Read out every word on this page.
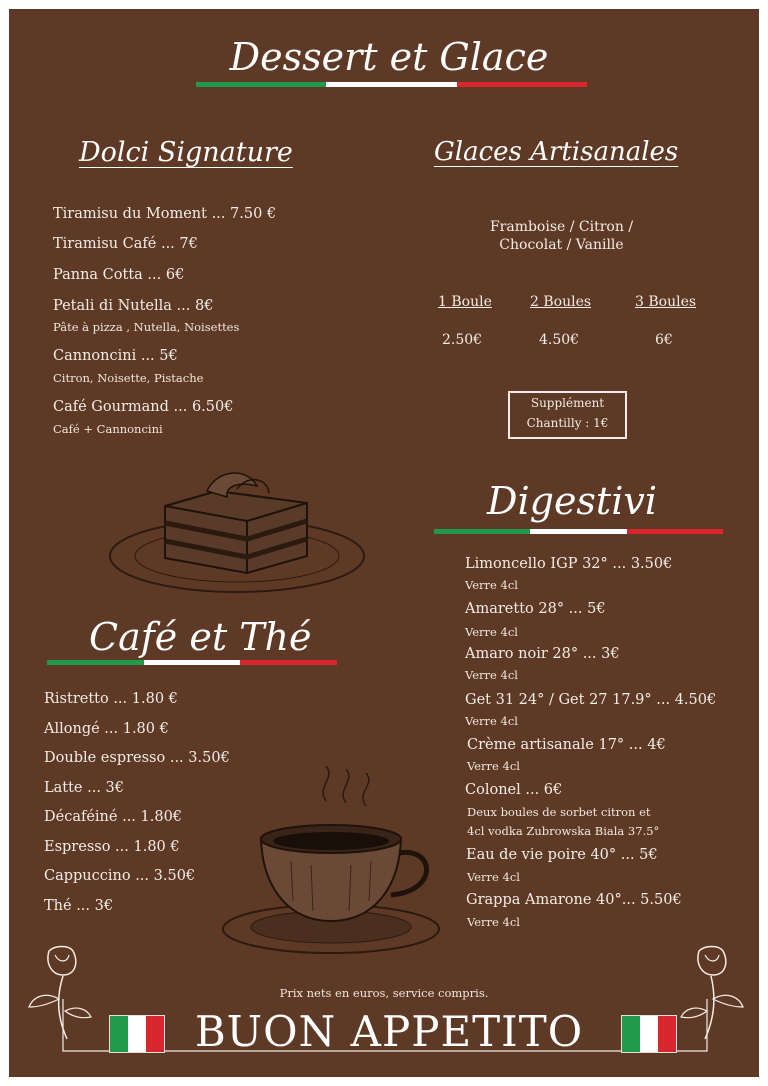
Dessert et Glace
Dolci Signature
Tiramisu du Moment ... 7.50 €
Tiramisu Café ... 7€
Panna Cotta ... 6€
Petali di Nutella ... 8€
Pâte à pizza , Nutella, Noisettes
Cannoncini ... 5€
Citron, Noisette, Pistache
Café Gourmand ... 6.50€
Café + Cannoncini
Glaces Artisanales
Framboise / Citron /
Chocolat / Vanille
1 Boule	2 Boules	3 Boules
2.50€	4.50€	6€
Supplément
Chantilly : 1€
Digestivi
Limoncello IGP 32° ... 3.50€
Verre 4cl
Amaretto 28° ... 5€
Verre 4cl
Amaro noir 28° ... 3€
Verre 4cl
Get 31 24° / Get 27 17.9° ... 4.50€
Verre 4cl
Crème artisanale 17° ... 4€
Verre 4cl
Colonel ... 6€
Deux boules de sorbet citron et
4cl vodka Zubrowska Biala 37.5°
Eau de vie poire 40° ... 5€
Verre 4cl
Grappa Amarone 40°... 5.50€
Verre 4cl
Café et Thé
Ristretto ... 1.80 €
Allongé ... 1.80 €
Double espresso ... 3.50€
Latte ... 3€
Décaféiné ... 1.80€
Espresso ... 1.80 €
Cappuccino ... 3.50€
Thé ... 3€
Prix nets en euros, service compris.
BUON APPETITO
